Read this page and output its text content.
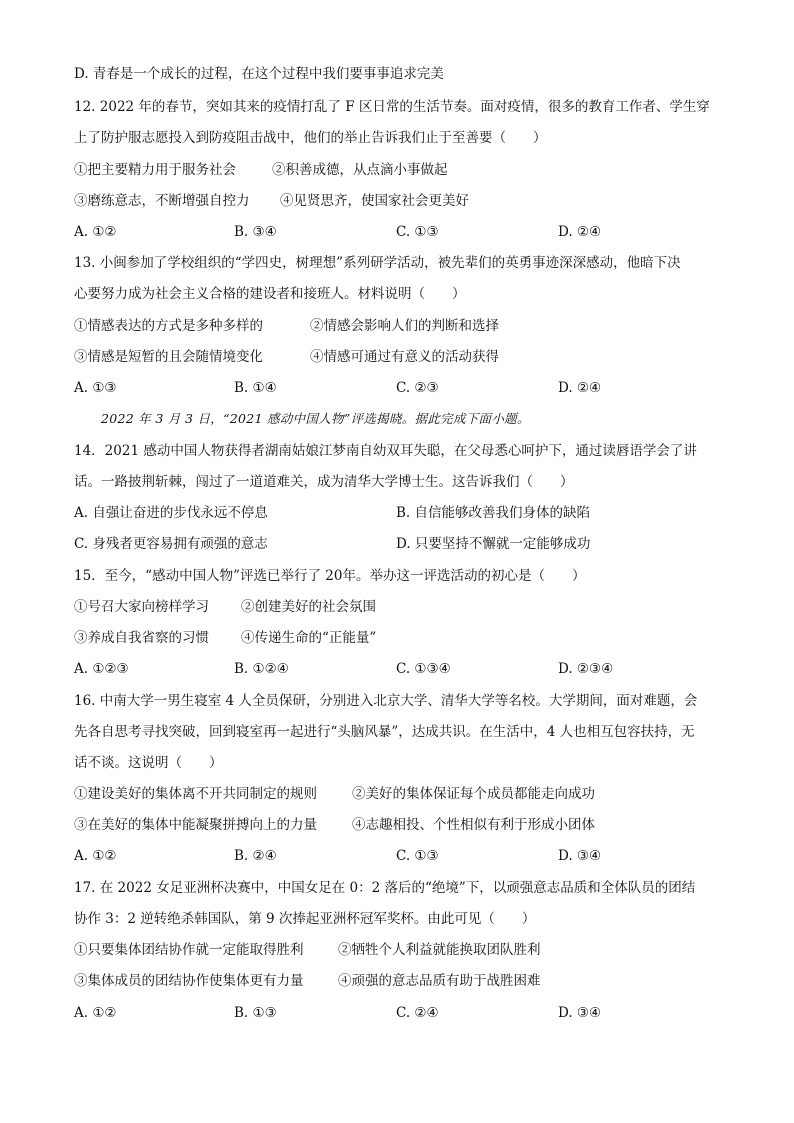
D. 青春是一个成长的过程，在这个过程中我们要事事追求完美
12. 2022 年的春节，突如其来的疫情打乱了 F 区日常的生活节奏。面对疫情，很多的教育工作者、学生穿
上了防护服志愿投入到防疫阻击战中，他们的举止告诉我们止于至善要（　　）
①把主要精力用于服务社会	②积善成德，从点滴小事做起
③磨练意志，不断增强自控力 ④见贤思齐，使国家社会更美好
A. ①②	B. ③④	C. ①③	D. ②④
13. 小闽参加了学校组织的“学四史，树理想”系列研学活动，被先辈们的英勇事迹深深感动，他暗下决
心要努力成为社会主义合格的建设者和接班人。材料说明（　　）
①情感表达的方式是多种多样的	②情感会影响人们的判断和选择
③情感是短暂的且会随情境变化	④情感可通过有意义的活动获得
A. ①③	B. ①④	C. ②③	D. ②④
2022 年 3 月 3 日，“2021 感动中国人物”评选揭晓。据此完成下面小题。
14．2021 感动中国人物获得者湖南姑娘江梦南自幼双耳失聪，在父母悉心呵护下，通过读唇语学会了讲
话。一路披荆斩棘，闯过了一道道难关，成为清华大学博士生。这告诉我们（　　）
A. 自强让奋进的步伐永远不停息	B. 自信能够改善我们身体的缺陷
C. 身残者更容易拥有顽强的意志	D. 只要坚持不懈就一定能够成功
15．至今，“感动中国人物”评选已举行了 20年。举办这一评选活动的初心是（　　）
①号召大家向榜样学习 ②创建美好的社会氛围
③养成自我省察的习惯 ④传递生命的“正能量”
A. ①②③	B. ①②④	C. ①③④	D. ②③④
16. 中南大学一男生寝室 4 人全员保研，分别进入北京大学、清华大学等名校。大学期间，面对难题，会
先各自思考寻找突破，回到寝室再一起进行“头脑风暴”，达成共识。在生活中，4 人也相互包容扶持，无
话不谈。这说明（　　）
①建设美好的集体离不开共同制定的规则	②美好的集体保证每个成员都能走向成功
③在美好的集体中能凝聚拼搏向上的力量	④志趣相投、个性相似有利于形成小团体
A. ①②	B. ②④	C. ①③	D. ③④
17. 在 2022 女足亚洲杯决赛中，中国女足在 0：2 落后的“绝境”下，以顽强意志品质和全体队员的团结
协作 3：2 逆转绝杀韩国队，第 9 次捧起亚洲杯冠军奖杯。由此可见（　　）
①只要集体团结协作就一定能取得胜利	②牺牲个人利益就能换取团队胜利
③集体成员的团结协作使集体更有力量	④顽强的意志品质有助于战胜困难
A. ①②	B. ①③	C. ②④	D. ③④
